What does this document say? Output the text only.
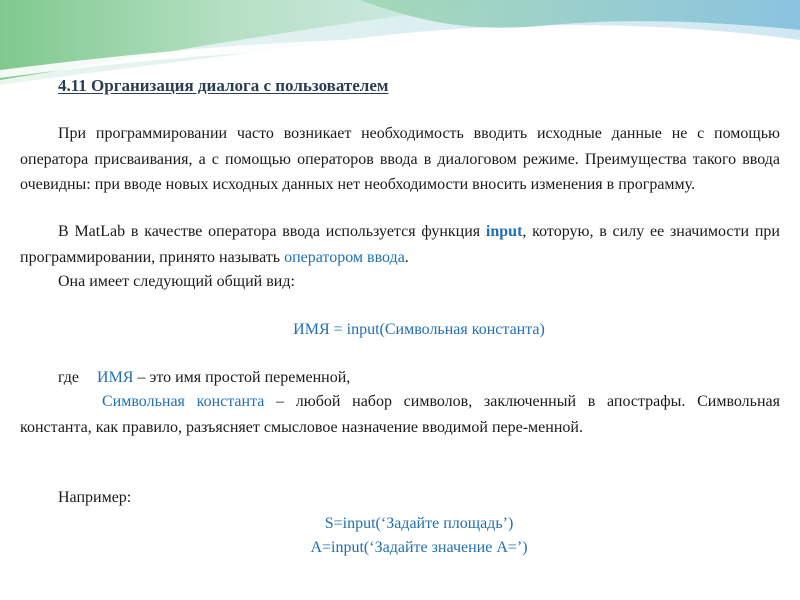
4.11 Организация диалога с пользователем

При программировании часто возникает необходимость вводить исходные данные не с помощью оператора присваивания, а с помощью операторов ввода в диалоговом режиме. Преимущества такого ввода очевидны: при вводе новых исходных данных нет необходимости вносить изменения в программу.

В MatLab в качестве оператора ввода используется функция input, которую, в силу ее значимости при программировании, принято называть оператором ввода.

Она имеет следующий общий вид:

ИМЯ = input(Символьная константа)

где ИМЯ – это имя простой переменной,

Символьная константа – любой набор символов, заключенный в апострафы. Символьная константа, как правило, разъясняет смысловое назначение вводимой пере-менной.

Например:

S=input(‘Задайте площадь’)

A=input(‘Задайте значение А=’)
